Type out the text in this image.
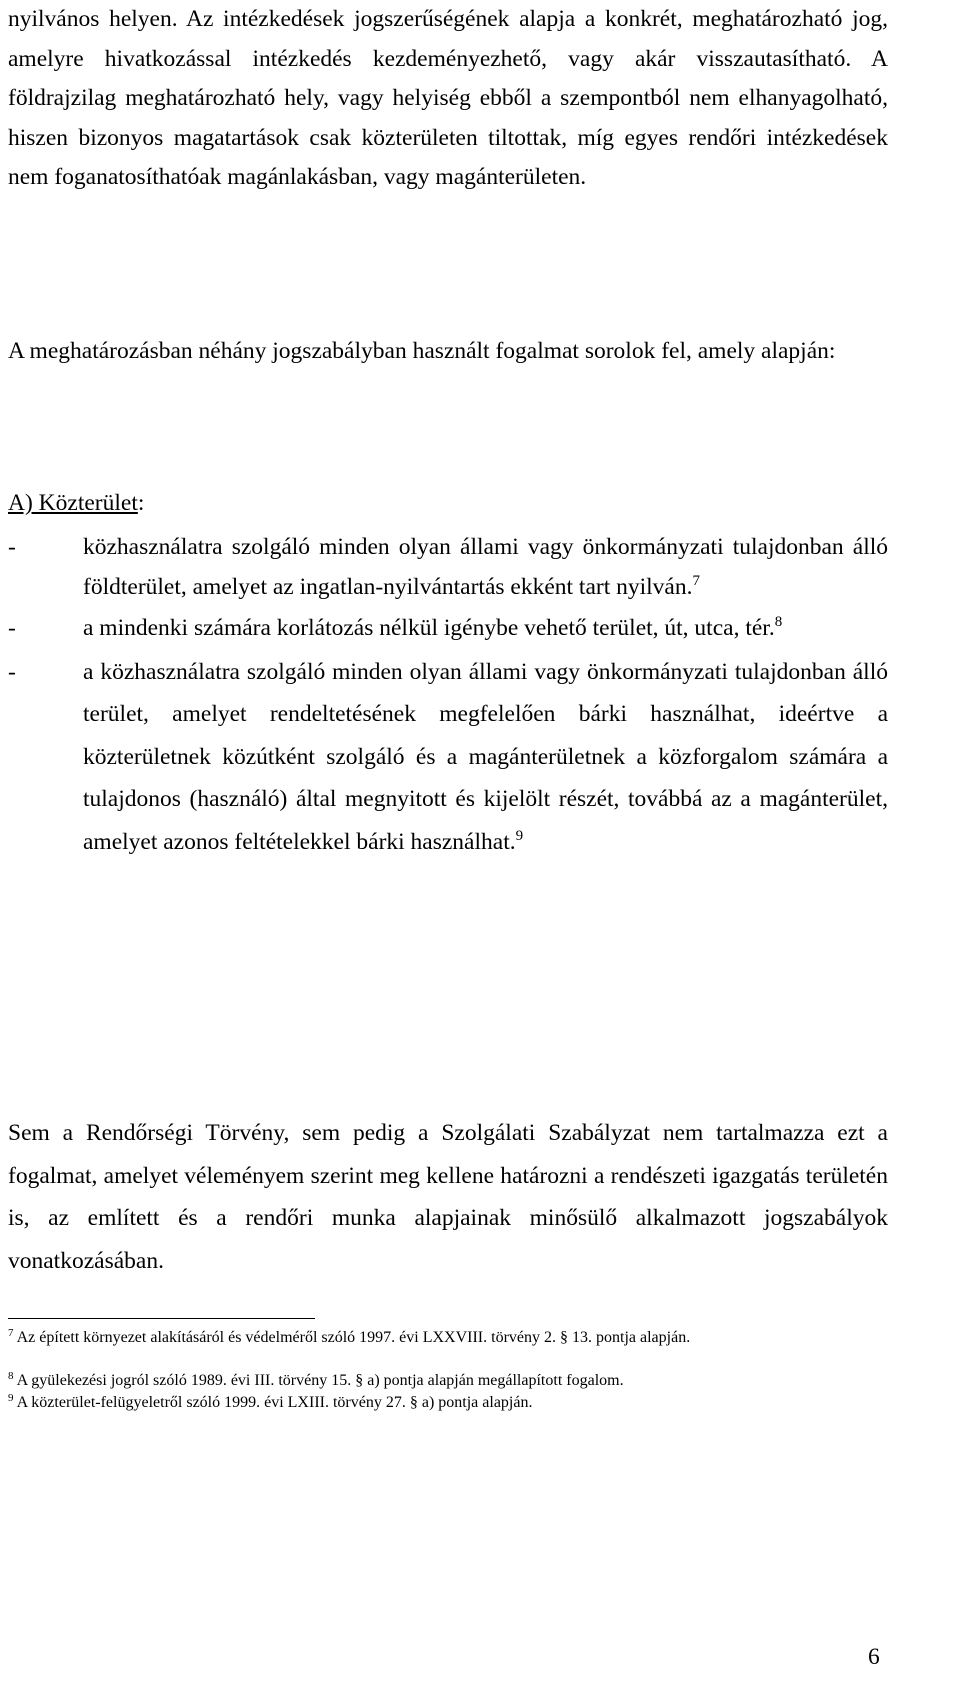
nyilvános helyen. Az intézkedések jogszerűségének alapja a konkrét, meghatározható jog, amelyre hivatkozással intézkedés kezdeményezhető, vagy akár visszautasítható. A földrajzilag meghatározható hely, vagy helyiség ebből a szempontból nem elhanyagolható, hiszen bizonyos magatartások csak közterületen tiltottak, míg egyes rendőri intézkedések nem foganatosíthatóak magánlakásban, vagy magánterületen.

A meghatározásban néhány jogszabályban használt fogalmat sorolok fel, amely alapján:

A) Közterület:

-	közhasználatra szolgáló minden olyan állami vagy önkormányzati tulajdonban álló földterület, amelyet az ingatlan-nyilvántartás ekként tart nyilván.$^7$

-	a mindenki számára korlátozás nélkül igénybe vehető terület, út, utca, tér.$^8$

-	a közhasználatra szolgáló minden olyan állami vagy önkormányzati tulajdonban álló terület, amelyet rendeltetésének megfelelően bárki használhat, ideértve a közterületnek közútként szolgáló és a magánterületnek a közforgalom számára a tulajdonos (használó) által megnyitott és kijelölt részét, továbbá az a magánterület, amelyet azonos feltételekkel bárki használhat.$^9$

Sem a Rendőrségi Törvény, sem pedig a Szolgálati Szabályzat nem tartalmazza ezt a fogalmat, amelyet véleményem szerint meg kellene határozni a rendészeti igazgatás területén is, az említett és a rendőri munka alapjainak minősülő alkalmazott jogszabályok vonatkozásában.

$^7$ Az épített környezet alakításáról és védelméről szóló 1997. évi LXXVIII. törvény 2. § 13. pontja alapján.
$^8$ A gyülekezési jogról szóló 1989. évi III. törvény 15. § a) pontja alapján megállapított fogalom.
$^9$ A közterület-felügyeletről szóló 1999. évi LXIII. törvény 27. § a) pontja alapján.
6
